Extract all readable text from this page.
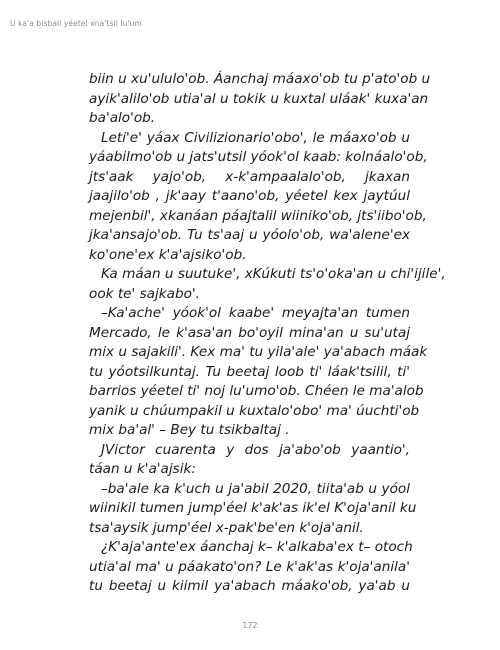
U ka'a bisbail yéetel xna'tsil lu'um
biin u xu'ululo'ob. Áanchaj máaxo'ob tu p'ato'ob u
ayik'alilo'ob utia'al u tokik u kuxtal uláak' kuxa'an
ba'alo'ob.
Leti'e' yáax Civilizionario'obo', le máaxo'ob u
yáabilmo'ob u jats'utsil yóok'ol kaab: kolnáalo'ob,
jts'aak yajo'ob, x-k'ampaalalo'ob, jkaxan
jaajilo'ob , jk'aay t'aano'ob, yéetel kex jaytúul
mejenbil', xkanáan páajtalil wiiniko'ob, jts'iibo'ob,
jka'ansajo'ob. Tu ts'aaj u yóolo'ob, wa'alene'ex
ko'one'ex k'a'ajsiko'ob.
Ka máan u suutuke', xKúkuti ts'o'oka'an u chi'ijile',
ook te' sajkabo'.
–Ka'ache' yóok'ol kaabe' meyajta'an tumen
Mercado, le k'asa'an bo'oyil mina'an u su'utaj
mix u sajakili'. Kex ma' tu yila'ale' ya'abach máak
tu yóotsilkuntaj. Tu beetaj loob ti' láak'tsilil, ti'
barrios yéetel ti' noj lu'umo'ob. Chéen le ma'alob
yanik u chúumpakil u kuxtalo'obo' ma' úuchti'ob
mix ba'al' – Bey tu tsikbaltaj .
JVictor cuarenta y dos ja'abo'ob yaantio',
táan u k'a'ajsik:
–ba'ale ka k'uch u ja'abil 2020, tiita'ab u yóol
wiinikil tumen jump'éel k'ak'as ik'el K'oja'anil ku
tsa'aysik jump'éel x-pak'be'en k'oja'anil.
¿K'aja'ante'ex áanchaj k– k'alkaba'ex t– otoch
utia'al ma' u páakato'on? Le k'ak'as k'oja'anila'
tu beetaj u kiimil ya'abach máako'ob, ya'ab u
172
